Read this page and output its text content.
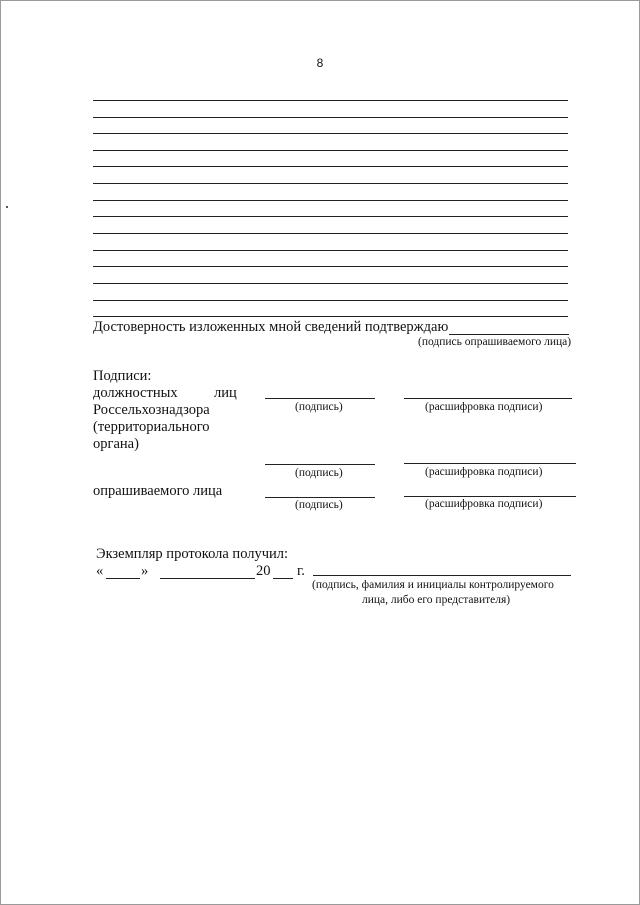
8
Достоверность изложенных мной сведений подтверждаю
(подпись опрашиваемого лица)
Подписи:
должностных	лиц
Россельхознадзора
(территориального
органа)
(подпись)	(расшифровка подписи)
(подпись)	(расшифровка подписи)
опрашиваемого лица
(подпись)	(расшифровка подписи)
Экземпляр протокола получил:
«	»	20 г.
(подпись, фамилия и инициалы контролируемого
лица, либо его представителя)
